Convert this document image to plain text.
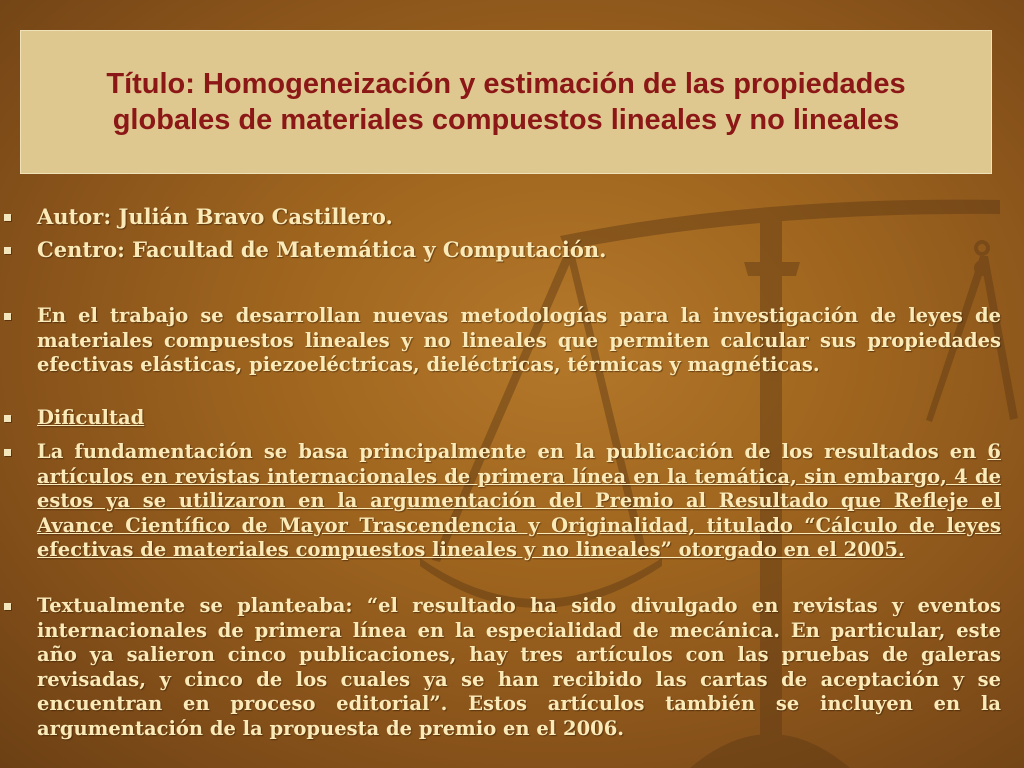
Título: Homogeneización y estimación de las propiedades
globales de materiales compuestos lineales y no lineales
Autor: Julián Bravo Castillero.
Centro: Facultad de Matemática y Computación.
En el trabajo se desarrollan nuevas metodologías para la investigación de leyes de materiales compuestos lineales y no lineales que permiten calcular sus propiedades efectivas elásticas, piezoeléctricas, dieléctricas, térmicas y magnéticas.
Dificultad
La fundamentación se basa principalmente en la publicación de los resultados en 6 artículos en revistas internacionales de primera línea en la temática, sin embargo, 4 de estos ya se utilizaron en la argumentación del Premio al Resultado que Refleje el Avance Científico de Mayor Trascendencia y Originalidad, titulado “Cálculo de leyes efectivas de materiales compuestos lineales y no lineales” otorgado en el 2005.
Textualmente se planteaba: “el resultado ha sido divulgado en revistas y eventos internacionales de primera línea en la especialidad de mecánica. En particular, este año ya salieron cinco publicaciones, hay tres artículos con las pruebas de galeras revisadas, y cinco de los cuales ya se han recibido las cartas de aceptación y se encuentran en proceso editorial”. Estos artículos también se incluyen en la argumentación de la propuesta de premio en el 2006.
